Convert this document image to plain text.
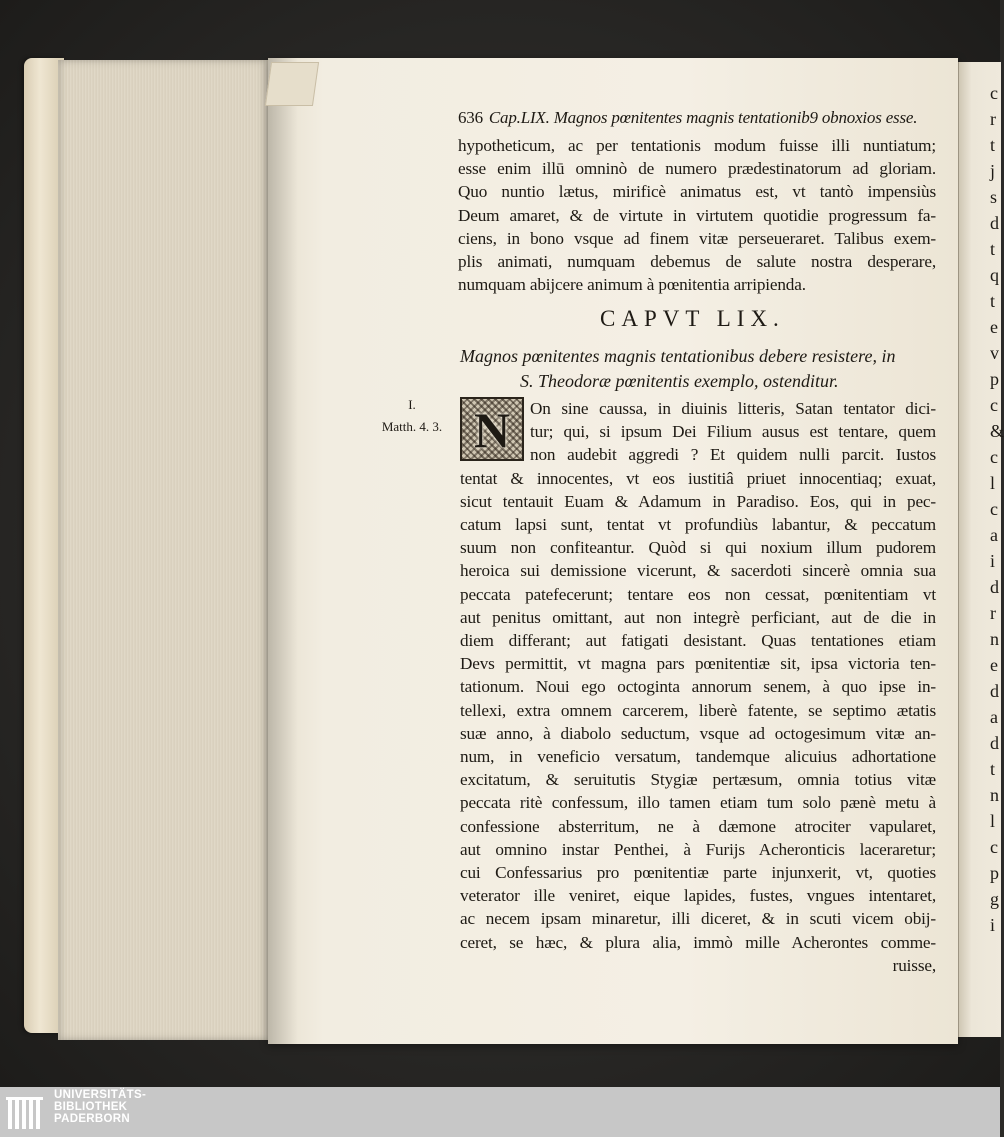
c
r
t
j
s
d
t
q
t
e
v
p
c
&
c
l
c
a
i
d
r
n
e
d
a
d
t
n
l
c
p
g
i
636 Cap.LIX. Magnos pœnitentes magnis tentationib9 obnoxios esse.
hypotheticum, ac per tentationis modum fuisse illi nuntiatum;
esse enim illū omninò de numero prædestinatorum ad gloriam.
Quo nuntio lætus, mirificè animatus est, vt tantò impensiùs
Deum amaret, & de virtute in virtutem quotidie progressum fa-
ciens, in bono vsque ad finem vitæ perseueraret. Talibus exem-
plis animati, numquam debemus de salute nostra desperare,
numquam abijcere animum à pœnitentia arripienda.
CAPVT LIX.
Magnos pœnitentes magnis tentationibus debere resistere, in
S. Theodoræ pœnitentis exemplo, ostenditur.
I.
Matth. 4. 3. N	On sine caussa, in diuinis litteris, Satan tentator dici-
tur; qui, si ipsum Dei Filium ausus est tentare, quem
non audebit aggredi ? Et quidem nulli parcit. Iustos
tentat & innocentes, vt eos iustitiâ priuet innocentiaq; exuat,
sicut tentauit Euam & Adamum in Paradiso. Eos, qui in pec-
catum lapsi sunt, tentat vt profundiùs labantur, & peccatum
suum non confiteantur. Quòd si qui noxium illum pudorem
heroica sui demissione vicerunt, & sacerdoti sincerè omnia sua
peccata patefecerunt; tentare eos non cessat, pœnitentiam vt
aut penitus omittant, aut non integrè perficiant, aut de die in
diem differant; aut fatigati desistant. Quas tentationes etiam
Devs permittit, vt magna pars pœnitentiæ sit, ipsa victoria ten-
tationum. Noui ego octoginta annorum senem, à quo ipse in-
tellexi, extra omnem carcerem, liberè fatente, se septimo ætatis
suæ anno, à diabolo seductum, vsque ad octogesimum vitæ an-
num, in veneficio versatum, tandemque alicuius adhortatione
excitatum, & seruitutis Stygiæ pertæsum, omnia totius vitæ
peccata ritè confessum, illo tamen etiam tum solo pænè metu à
confessione absterritum, ne à dæmone atrociter vapularet,
aut omnino instar Penthei, à Furijs Acheronticis laceraretur;
cui Confessarius pro pœnitentiæ parte injunxerit, vt, quoties
veterator ille veniret, eique lapides, fustes, vngues intentaret,
ac necem ipsam minaretur, illi diceret, & in scuti vicem obij-
ceret, se hæc, & plura alia, immò mille Acherontes comme-
ruisse,
UNIVERSITÄTS-
BIBLIOTHEK
PADERBORN
